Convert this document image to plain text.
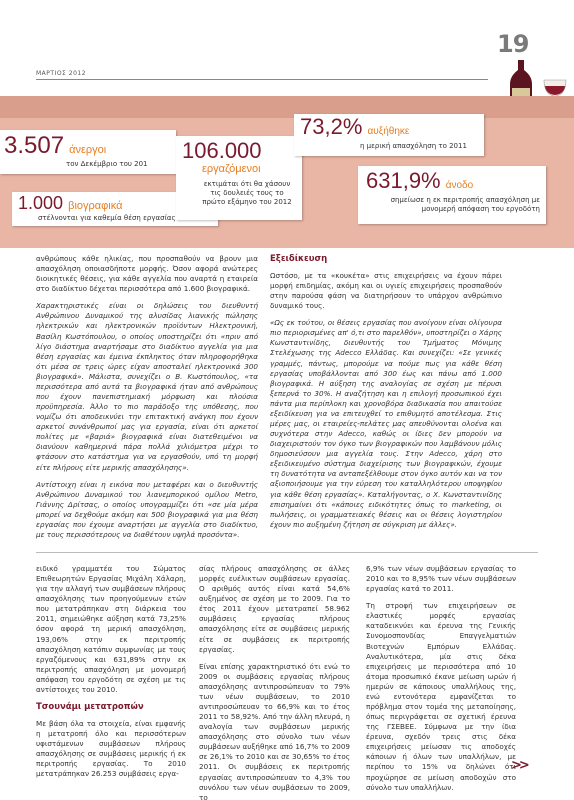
ΜΑΡΤΙΟΣ 2012
19
3.507 άνεργοι
τον Δεκέμβριο του 201
1.000 βιογραφικά
στέλνονται για καθεμία θέση εργασίας
106.000
εργαζόμενοι
εκτιμάται ότι θα χάσουν τις δουλειές τους το πρώτο εξάμηνο του 2012
73,2% αυξήθηκε
η μερική απασχόληση το 2011
631,9% άνοδο
σημείωσε η εκ περιτροπής απασχόληση με μονομερή απόφαση του εργοδότη

ανθρώπους κάθε ηλικίας, που προσπαθούν να βρουν μια απασχόληση οποιασδήποτε μορφής. Όσον αφορά ανώτερες διοικητικές θέσεις, για κάθε αγγελία που αναρτά η εταιρεία στο διαδίκτυο δέχεται περισσότερα από 1.600 βιογραφικά.

Χαρακτηριστικές είναι οι δηλώσεις του διευθυντή Ανθρώπινου Δυναμικού της αλυσίδας λιανικής πώλησης ηλεκτρικών και ηλεκτρονικών προϊόντων Ηλεκτρονική, Βασίλη Κωστόπουλου, ο οποίος υποστηρίζει ότι «πριν από λίγο διάστημα αναρτήσαμε στο διαδίκτυο αγγελία για μια θέση εργασίας και έμεινα έκπληκτος όταν πληροφορήθηκα ότι μέσα σε τρεις ώρες είχαν αποσταλεί ηλεκτρονικά 300 βιογραφικά». Μάλιστα, συνεχίζει ο Β. Κωστόπουλος, «τα περισσότερα από αυτά τα βιογραφικά ήταν από ανθρώπους που έχουν πανεπιστημιακή μόρφωση και πλούσια προϋπηρεσία. Άλλο το πιο παράδοξο της υπόθεσης, που νομίζω ότι αποδεικνύει την επιτακτική ανάγκη που έχουν αρκετοί συνάνθρωποί μας για εργασία, είναι ότι αρκετοί πολίτες με «βαριά» βιογραφικά είναι διατεθειμένοι να διανύουν καθημερινά πάρα πολλά χιλιόμετρα μέχρι το φτάσουν στο κατάστημα για να εργασθούν, υπό τη μορφή είτε πλήρους είτε μερικής απασχόλησης».

Αντίστοιχη είναι η εικόνα που μεταφέρει και ο διευθυντής Ανθρώπινου Δυναμικού του λιανεμπορικού ομίλου Metro, Γιάννης Δρίτσας, ο οποίος υπογραμμίζει ότι «σε μία μέρα μπορεί να δεχθούμε ακόμη και 500 βιογραφικά για μια θέση εργασίας που έχουμε αναρτήσει με αγγελία στο διαδίκτυο, με τους περισσότερους να διαθέτουν υψηλά προσόντα».

Εξειδίκευση

Ωστόσο, με τα «κουκέτα» στις επιχειρήσεις να έχουν πάρει μορφή επιδημίας, ακόμη και οι υγιείς επιχειρήσεις προσπαθούν στην παρούσα φάση να διατηρήσουν το υπάρχον ανθρώπινο δυναμικό τους.

«Ως εκ τούτου, οι θέσεις εργασίας που ανοίγουν είναι ολίγουρα πιο περιορισμένες απ' ό,τι στο παρελθόν», υποστηρίζει ο Χάρης Κωνσταντινίδης, διευθυντής του Τμήματος Μόνιμης Στελέχωσης της Adecco Ελλάδας. Και συνεχίζει: «Σε γενικές γραμμές, πάντως, μπορούμε να πούμε πως για κάθε θέση εργασίας υποβάλλονται από 300 έως και πάνω από 1.000 βιογραφικά. Η αύξηση της αναλογίας σε σχέση με πέρυσι ξεπερνά το 30%. Η αναζήτηση και η επιλογή προσωπικού έχει πάντα μια περίπλοκη και χρονοβόρα διαδικασία που απαιτούσε εξειδίκευση για να επιτευχθεί το επιθυμητό αποτέλεσμα. Στις μέρες μας, οι εταιρείες-πελάτες μας απευθύνονται ολοένα και συχνότερα στην Adecco, καθώς οι ίδιες δεν μπορούν να διαχειριστούν τον όγκο των βιογραφικών που λαμβάνουν μόλις δημοσιεύσουν μια αγγελία τους. Στην Adecco, χάρη στο εξειδικευμένο σύστημα διαχείρισης των βιογραφικών, έχουμε τη δυνατότητα να ανταπεξέλθουμε στον όγκο αυτόν και να τον αξιοποιήσουμε για την εύρεση του καταλληλότερου υποψηφίου για κάθε θέση εργασίας». Καταλήγοντας, ο Χ. Κωνσταντινίδης επισημαίνει ότι «κάποιες ειδικότητες όπως το marketing, οι πωλήσεις, οι γραμματειακές θέσεις και οι θέσεις λογιστηρίου έχουν πιο αυξημένη ζήτηση σε σύγκριση με άλλες».

ειδικό γραμματέα του Σώματος Επιθεωρητών Εργασίας Μιχάλη Χάλαρη, για την αλλαγή των συμβάσεων πλήρους απασχόλησης των προηγούμενων ετών που μετατράπηκαν στη διάρκεια του 2011, σημειώθηκε αύξηση κατά 73,25% όσον αφορά τη μερική απασχόληση, 193,06% στην εκ περιτροπής απασχόληση κατόπιν συμφωνίας με τους εργαζόμενους και 631,89% στην εκ περιτροπής απασχόληση με μονομερή απόφαση του εργοδότη σε σχέση με τις αντίστοιχες του 2010.

Τσουνάμι μετατροπών

Με βάση όλα τα στοιχεία, είναι εμφανής η μετατροπή όλο και περισσότερων υφιστάμενων συμβάσεων πλήρους απασχόλησης σε συμβάσεις μερικής ή εκ περιτροπής εργασίας. Το 2010 μετατράπηκαν 26.253 συμβάσεις εργα-

σίας πλήρους απασχόλησης σε άλλες μορφές ευέλικτων συμβάσεων εργασίας. Ο αριθμός αυτός είναι κατά 54,6% αυξημένος σε σχέση με το 2009. Για το έτος 2011 έχουν μετατραπεί 58.962 συμβάσεις εργασίας πλήρους απασχόλησης είτε σε συμβάσεις μερικής είτε σε συμβάσεις εκ περιτροπής εργασίας.

Είναι επίσης χαρακτηριστικό ότι ενώ το 2009 οι συμβάσεις εργασίας πλήρους απασχόλησης αντιπροσώπευαν το 79% των νέων συμβάσεων, το 2010 αντιπροσώπευαν το 66,9% και το έτος 2011 το 58,92%. Από την άλλη πλευρά, η αναλογία των συμβάσεων μερικής απασχόλησης στο σύνολο των νέων συμβάσεων αυξήθηκε από 16,7% το 2009 σε 26,1% το 2010 και σε 30,65% το έτος 2011. Οι συμβάσεις εκ περιτροπής εργασίας αντιπροσώπευαν το 4,3% του συνόλου των νέων συμβάσεων το 2009, το

6,9% των νέων συμβάσεων εργασίας το 2010 και το 8,95% των νέων συμβάσεων εργασίας κατά το 2011.

Τη στροφή των επιχειρήσεων σε ελαστικές μορφές εργασίας καταδεικνύει και έρευνα της Γενικής Συνομοσπονδίας Επαγγελματιών Βιοτεχνών Εμπόρων Ελλάδας. Αναλυτικότερα, μία στις δέκα επιχειρήσεις με περισσότερα από 10 άτομα προσωπικό έκανε μείωση ωρών ή ημερών σε κάποιους υπαλλήλους της, ενώ εντονότερα εμφανίζεται το πρόβλημα στον τομέα της μεταποίησης, όπως περιγράφεται σε σχετική έρευνα της ΓΣΕΒΕΕ. Σύμφωνα με την ίδια έρευνα, σχεδόν τρεις στις δέκα επιχειρήσεις μείωσαν τις αποδοχές κάποιων ή όλων των υπαλλήλων, με περίπου το 15% να δηλώνει ότι προχώρησε σε μείωση αποδοχών στο σύνολο των υπαλλήλων.

>>
